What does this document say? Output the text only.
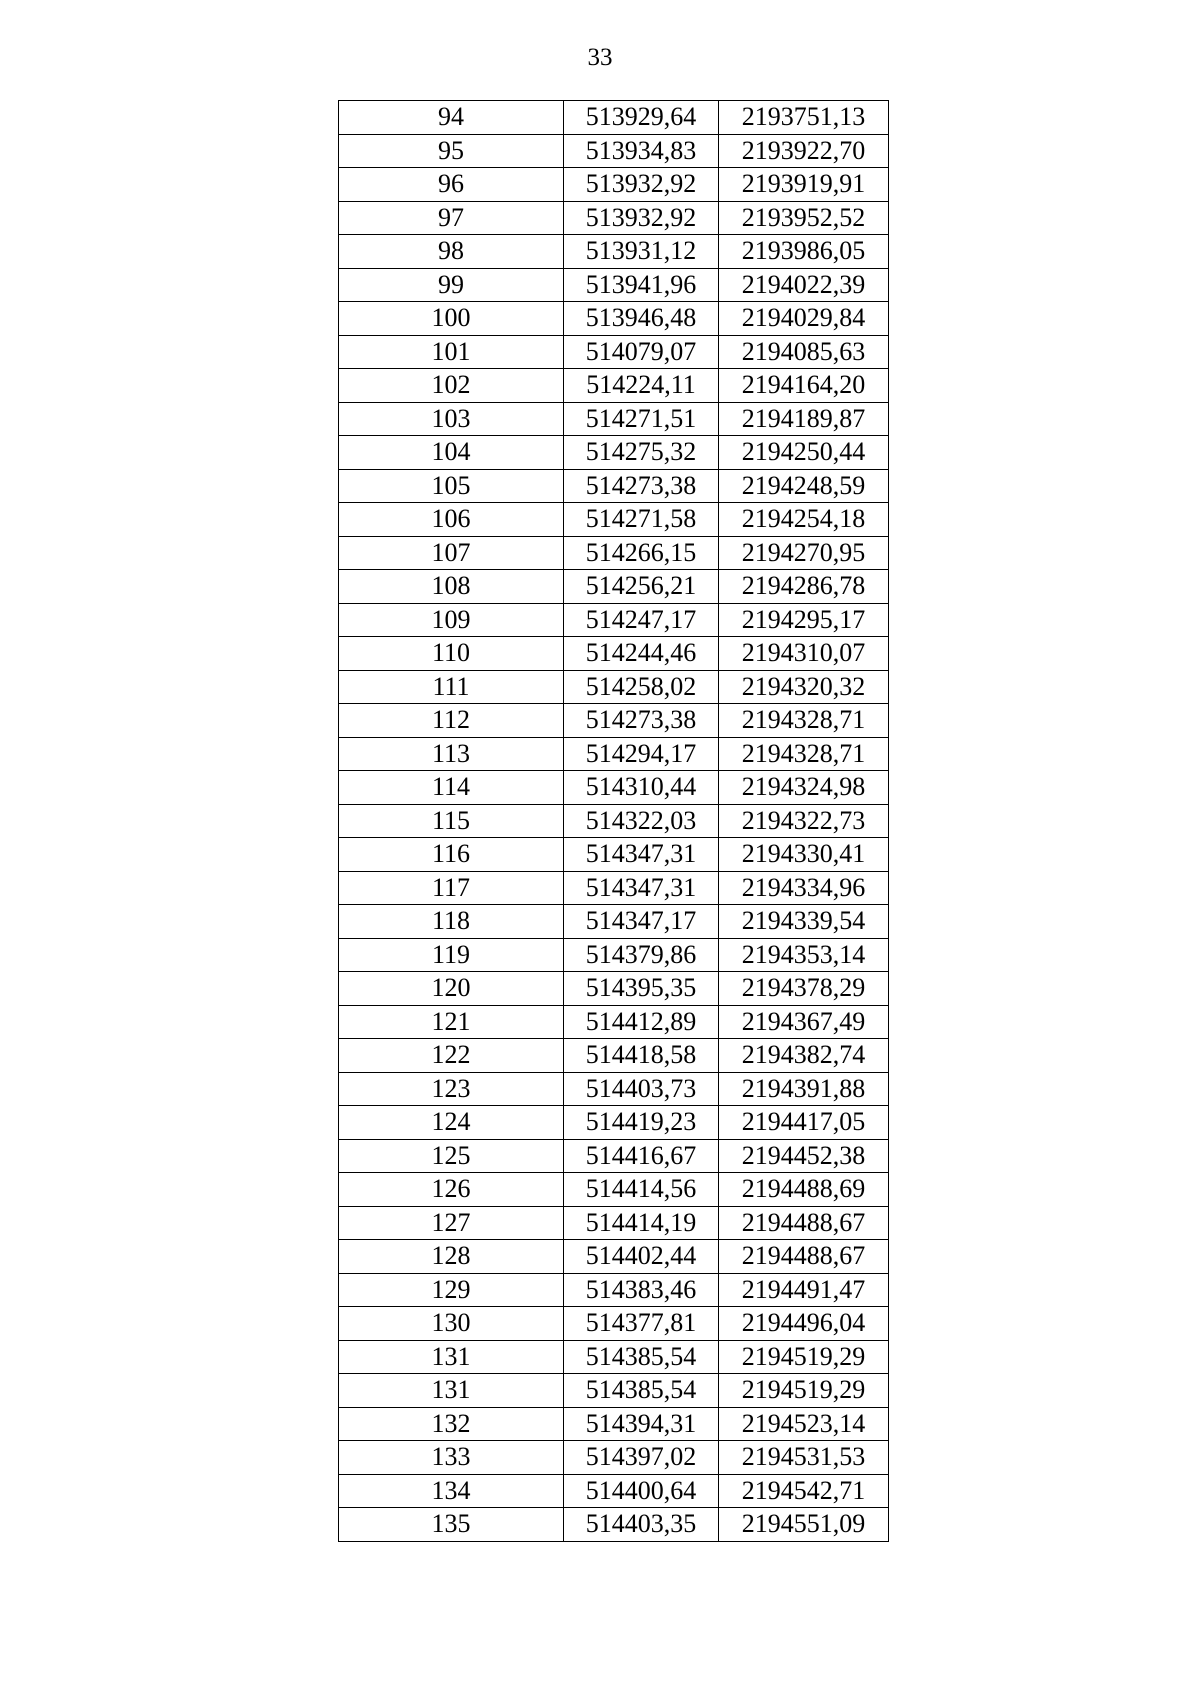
33
94	513929,64	2193751,13
95	513934,83	2193922,70
96	513932,92	2193919,91
97	513932,92	2193952,52
98	513931,12	2193986,05
99	513941,96	2194022,39
100	513946,48	2194029,84
101	514079,07	2194085,63
102	514224,11	2194164,20
103	514271,51	2194189,87
104	514275,32	2194250,44
105	514273,38	2194248,59
106	514271,58	2194254,18
107	514266,15	2194270,95
108	514256,21	2194286,78
109	514247,17	2194295,17
110	514244,46	2194310,07
111	514258,02	2194320,32
112	514273,38	2194328,71
113	514294,17	2194328,71
114	514310,44	2194324,98
115	514322,03	2194322,73
116	514347,31	2194330,41
117	514347,31	2194334,96
118	514347,17	2194339,54
119	514379,86	2194353,14
120	514395,35	2194378,29
121	514412,89	2194367,49
122	514418,58	2194382,74
123	514403,73	2194391,88
124	514419,23	2194417,05
125	514416,67	2194452,38
126	514414,56	2194488,69
127	514414,19	2194488,67
128	514402,44	2194488,67
129	514383,46	2194491,47
130	514377,81	2194496,04
131	514385,54	2194519,29
131	514385,54	2194519,29
132	514394,31	2194523,14
133	514397,02	2194531,53
134	514400,64	2194542,71
135	514403,35	2194551,09
